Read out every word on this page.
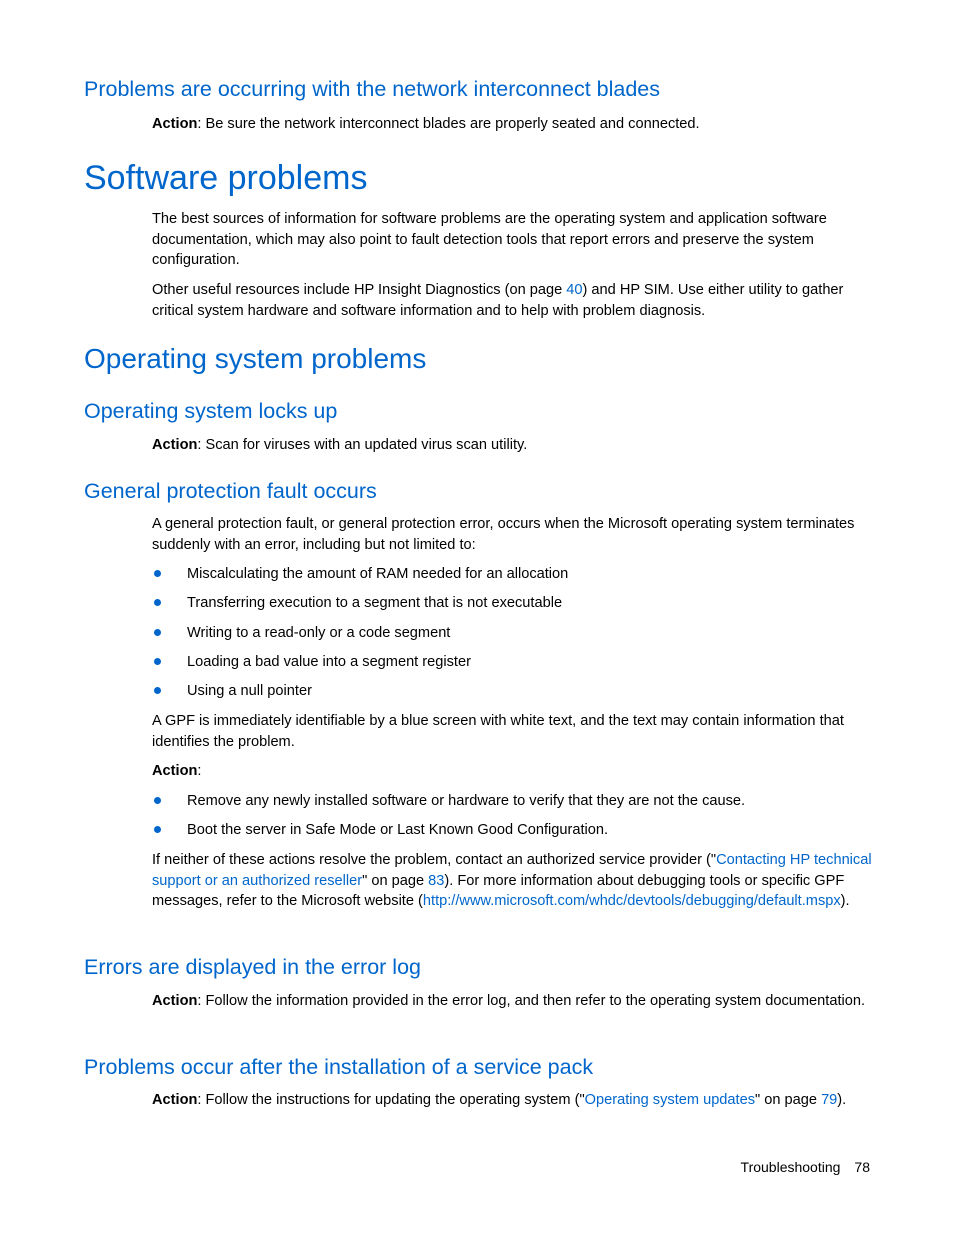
Problems are occurring with the network interconnect blades

Action: Be sure the network interconnect blades are properly seated and connected.

Software problems

The best sources of information for software problems are the operating system and application software documentation, which may also point to fault detection tools that report errors and preserve the system configuration.

Other useful resources include HP Insight Diagnostics (on page 40) and HP SIM. Use either utility to gather critical system hardware and software information and to help with problem diagnosis.

Operating system problems
Operating system locks up

Action: Scan for viruses with an updated virus scan utility.

General protection fault occurs

A general protection fault, or general protection error, occurs when the Microsoft operating system terminates suddenly with an error, including but not limited to:

Miscalculating the amount of RAM needed for an allocation
Transferring execution to a segment that is not executable
Writing to a read-only or a code segment
Loading a bad value into a segment register
Using a null pointer

A GPF is immediately identifiable by a blue screen with white text, and the text may contain information that identifies the problem.

Action:

Remove any newly installed software or hardware to verify that they are not the cause.
Boot the server in Safe Mode or Last Known Good Configuration.

If neither of these actions resolve the problem, contact an authorized service provider ("Contacting HP technical support or an authorized reseller" on page 83). For more information about debugging tools or specific GPF messages, refer to the Microsoft website (http://www.microsoft.com/whdc/devtools/debugging/default.mspx).

Errors are displayed in the error log

Action: Follow the information provided in the error log, and then refer to the operating system documentation.

Problems occur after the installation of a service pack

Action: Follow the instructions for updating the operating system ("Operating system updates" on page 79).

Troubleshooting 78
